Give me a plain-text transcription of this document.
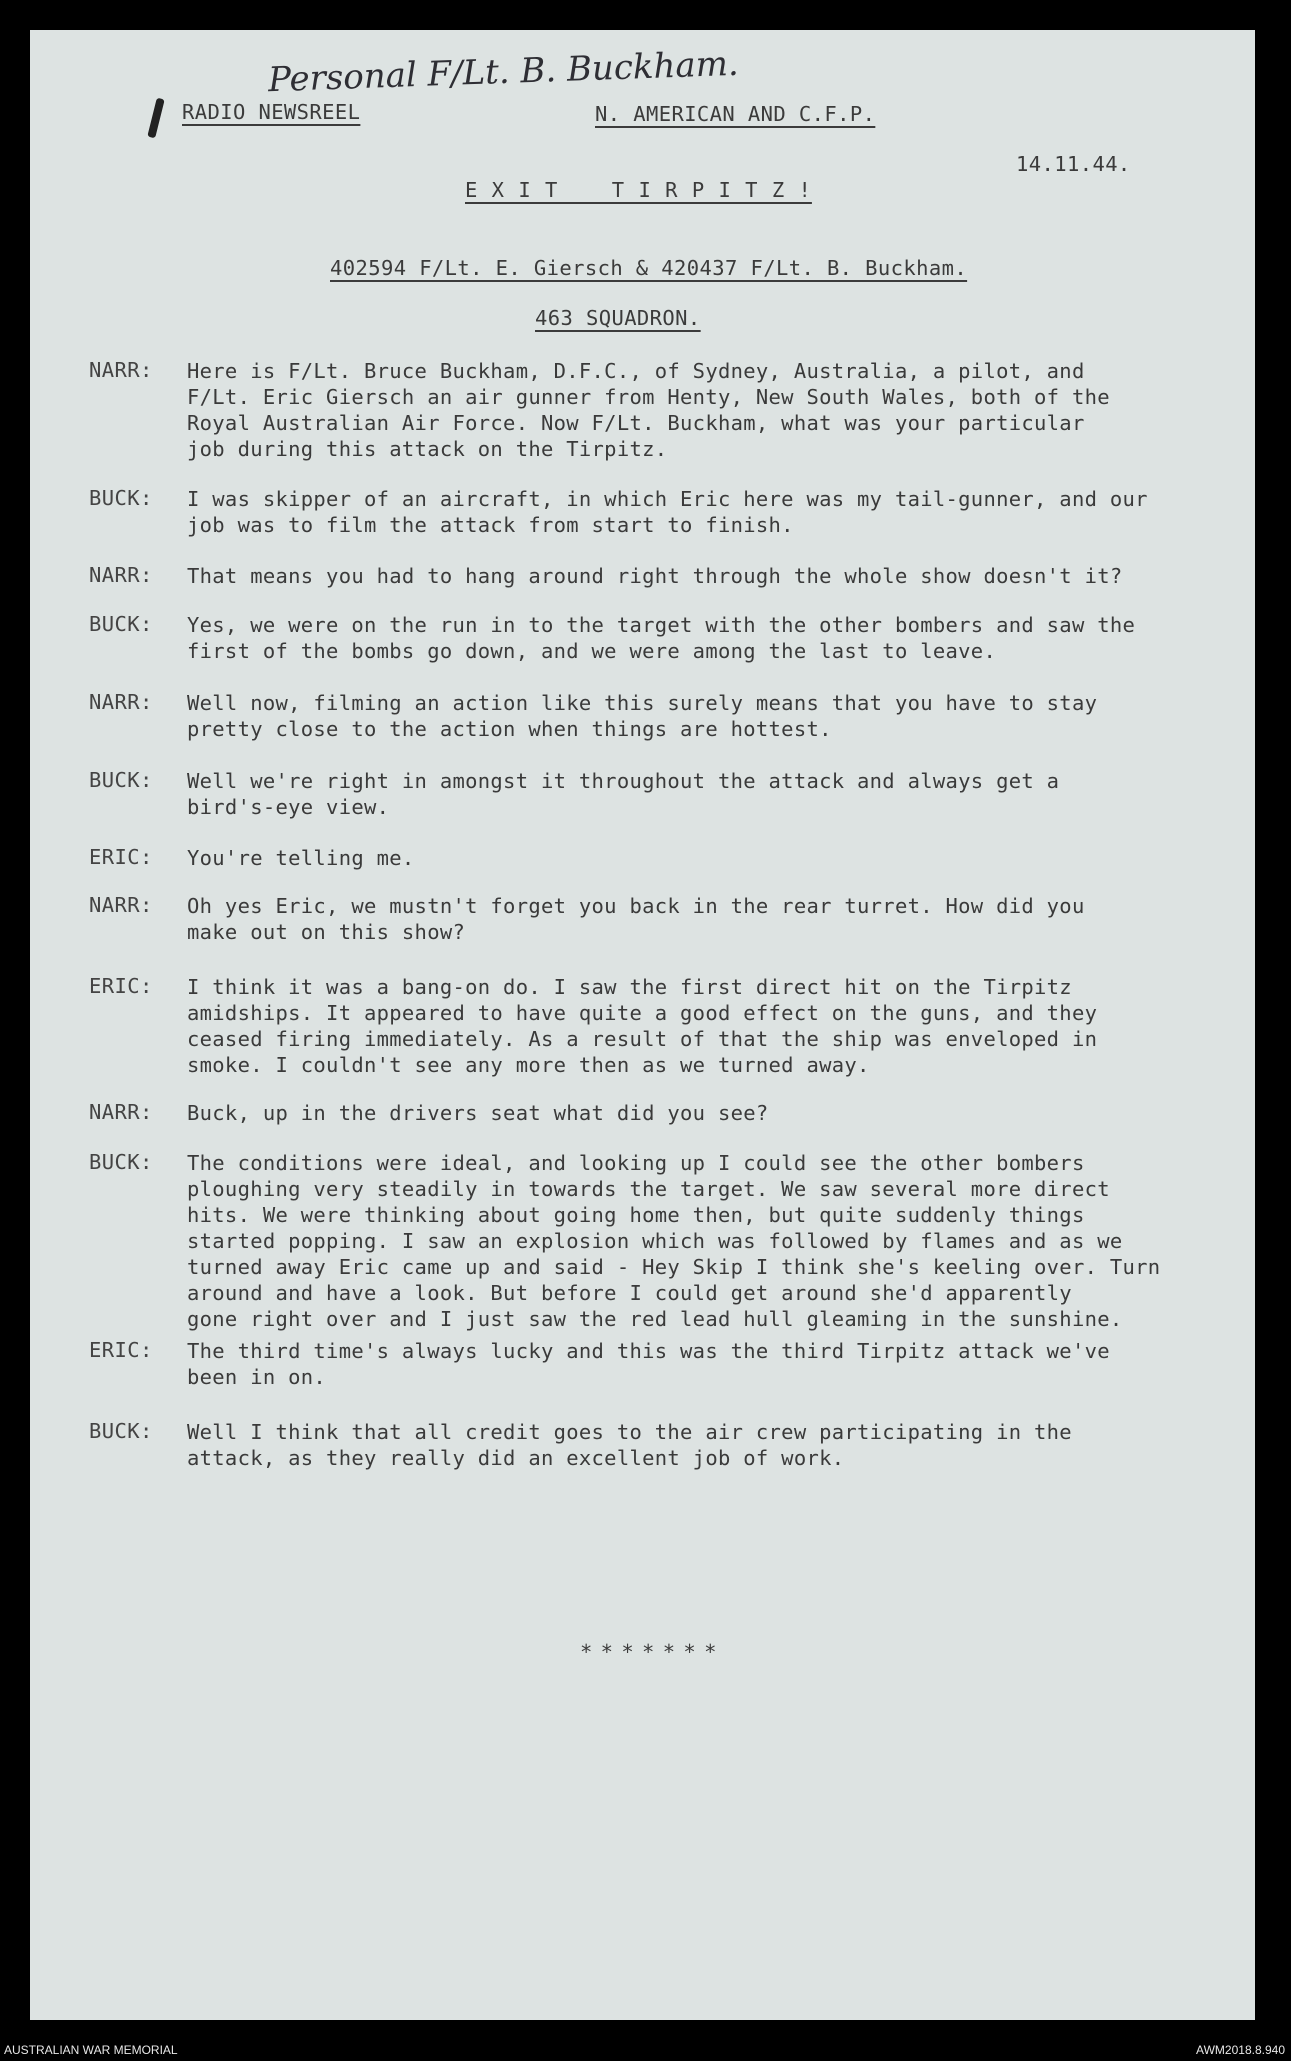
Personal F/Lt. B. Buckham.
RADIO NEWSREEL	N. AMERICAN AND C.F.P.
14.11.44.
E X I T    T I R P I T Z !
402594 F/Lt. E. Giersch & 420437 F/Lt. B. Buckham.
463 SQUADRON.
NARR: Here is F/Lt. Bruce Buckham, D.F.C., of Sydney, Australia, a pilot, and

F/Lt. Eric Giersch an air gunner from Henty, New South Wales, both of the

Royal Australian Air Force. Now F/Lt. Buckham, what was your particular

job during this attack on the Tirpitz.

BUCK: I was skipper of an aircraft, in which Eric here was my tail-gunner, and our

job was to film the attack from start to finish.

NARR: That means you had to hang around right through the whole show doesn't it?

BUCK: Yes, we were on the run in to the target with the other bombers and saw the

first of the bombs go down, and we were among the last to leave.

NARR: Well now, filming an action like this surely means that you have to stay

pretty close to the action when things are hottest.

BUCK: Well we're right in amongst it throughout the attack and always get a

bird's-eye view.

ERIC: You're telling me.

NARR: Oh yes Eric, we mustn't forget you back in the rear turret. How did you

make out on this show?

ERIC: I think it was a bang-on do. I saw the first direct hit on the Tirpitz

amidships. It appeared to have quite a good effect on the guns, and they

ceased firing immediately. As a result of that the ship was enveloped in

smoke. I couldn't see any more then as we turned away.

NARR: Buck, up in the drivers seat what did you see?

BUCK: The conditions were ideal, and looking up I could see the other bombers

ploughing very steadily in towards the target. We saw several more direct

hits. We were thinking about going home then, but quite suddenly things

started popping. I saw an explosion which was followed by flames and as we

turned away Eric came up and said - Hey Skip I think she's keeling over. Turn

around and have a look. But before I could get around she'd apparently

gone right over and I just saw the red lead hull gleaming in the sunshine.

ERIC: The third time's always lucky and this was the third Tirpitz attack we've

been in on.

BUCK: Well I think that all credit goes to the air crew participating in the

attack, as they really did an excellent job of work.

* * * * * * *
AUSTRALIAN WAR MEMORIAL	AWM2018.8.940
